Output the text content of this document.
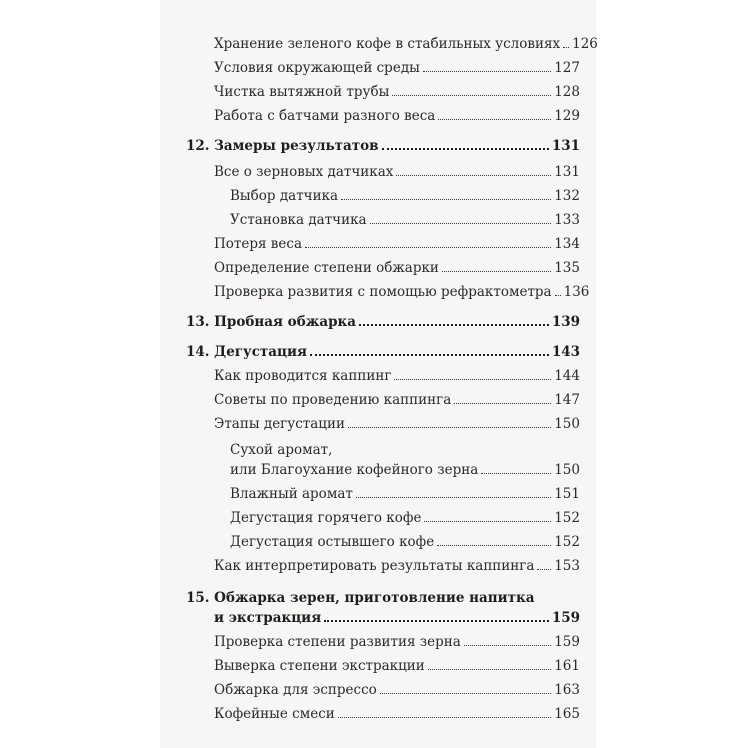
Хранение зеленого кофе в стабильных условиях 126
Условия окружающей среды	127
Чистка вытяжной трубы	128
Работа с батчами разного веса	129
12. Замеры результатов	131
Все о зерновых датчиках	131
Выбор датчика	132
Установка датчика	133
Потеря веса	134
Определение степени обжарки	135
Проверка развития с помощью рефрактометра 136
13. Пробная обжарка	139
14. Дегустация	143
Как проводится каппинг	144
Советы по проведению каппинга	147
Этапы дегустации	150
Сухой аромат,
или Благоухание кофейного зерна	150
Влажный аромат	151
Дегустация горячего кофе	152
Дегустация остывшего кофе	152
Как интерпретировать результаты каппинга 153
15. Обжарка зерен, приготовление напитка
и экстракция	159
Проверка степени развития зерна	159
Выверка степени экстракции	161
Обжарка для эспрессо	163
Кофейные смеси	165
